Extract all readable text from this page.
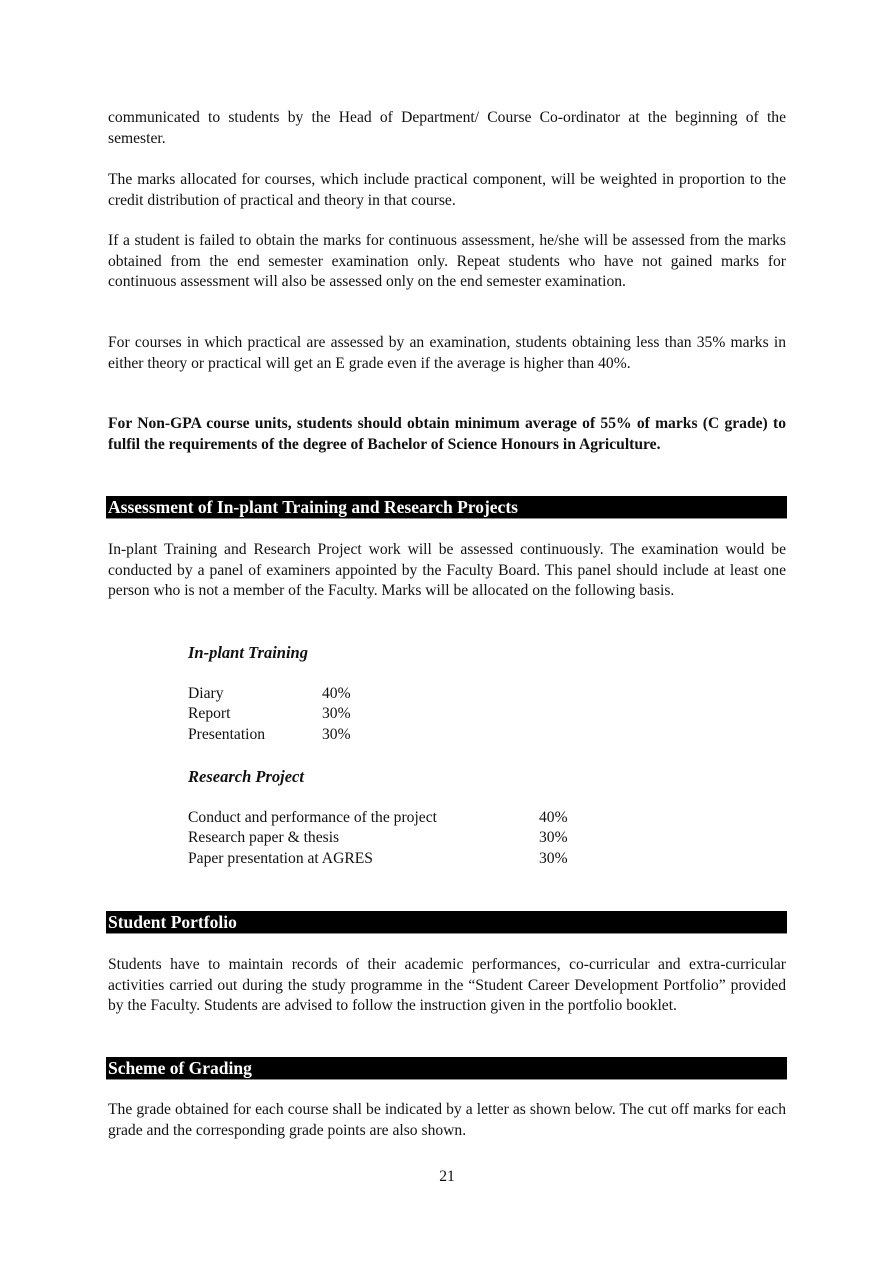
communicated to students by the Head of Department/ Course Co-ordinator at the beginning of the semester.

The marks allocated for courses, which include practical component, will be weighted in proportion to the credit distribution of practical and theory in that course.

If a student is failed to obtain the marks for continuous assessment, he/she will be assessed from the marks obtained from the end semester examination only. Repeat students who have not gained marks for continuous assessment will also be assessed only on the end semester examination.

For courses in which practical are assessed by an examination, students obtaining less than 35% marks in either theory or practical will get an E grade even if the average is higher than 40%.

For Non-GPA course units, students should obtain minimum average of 55% of marks (C grade) to fulfil the requirements of the degree of Bachelor of Science Honours in Agriculture.

Assessment of In-plant Training and Research Projects

In-plant Training and Research Project work will be assessed continuously. The examination would be conducted by a panel of examiners appointed by the Faculty Board. This panel should include at least one person who is not a member of the Faculty. Marks will be allocated on the following basis.

In-plant Training
Diary	40%
Report	30%
Presentation	30%
Research Project
Conduct and performance of the project	40%
Research paper & thesis	30%
Paper presentation at AGRES	30%
Student Portfolio

Students have to maintain records of their academic performances, co-curricular and extra-curricular activities carried out during the study programme in the “Student Career Development Portfolio” provided by the Faculty. Students are advised to follow the instruction given in the portfolio booklet.

Scheme of Grading

The grade obtained for each course shall be indicated by a letter as shown below. The cut off marks for each grade and the corresponding grade points are also shown.

21
